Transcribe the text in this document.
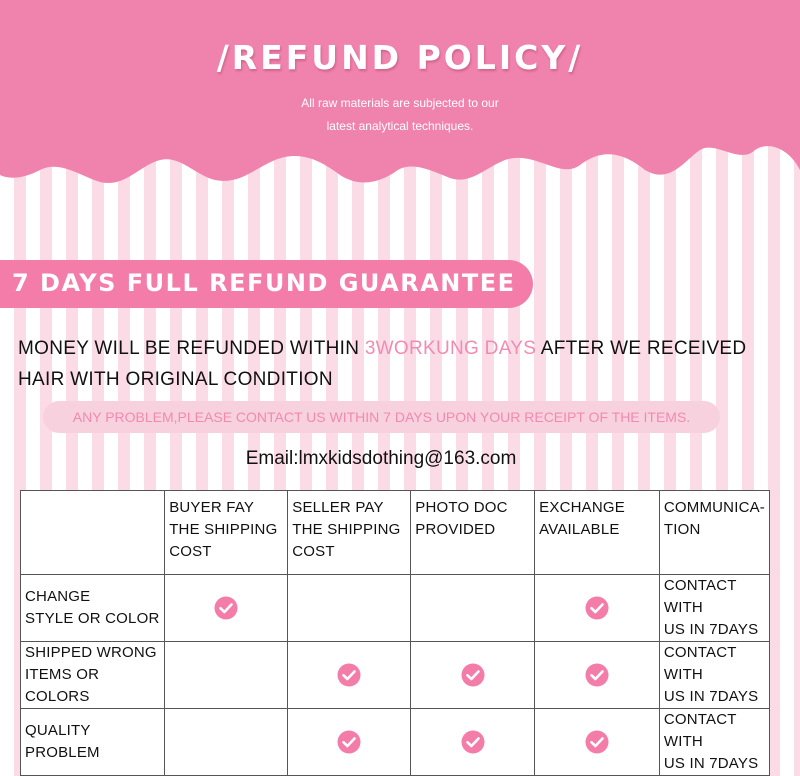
/REFUND POLICY/
All raw materials are subjected to our
latest analytical techniques.
7 DAYS FULL REFUND GUARANTEE
MONEY WILL BE REFUNDED WITHIN 3WORKUNG DAYS AFTER WE RECEIVED
HAIR WITH ORIGINAL CONDITION
ANY PROBLEM,PLEASE CONTACT US WITHIN 7 DAYS UPON YOUR RECEIPT OF THE ITEMS.
Email:lmxkidsdothing@163.com
	BUYER FAY
THE SHIPPING
COST	SELLER PAY
THE SHIPPING
COST	PHOTO DOC
PROVIDED	EXCHANGE
AVAILABLE	COMMUNICA-
TION
CHANGE
STYLE OR COLOR					CONTACT WITH
US IN 7DAYS
SHIPPED WRONG
ITEMS OR COLORS					CONTACT WITH
US IN 7DAYS
QUALITY
PROBLEM					CONTACT WITH
US IN 7DAYS
